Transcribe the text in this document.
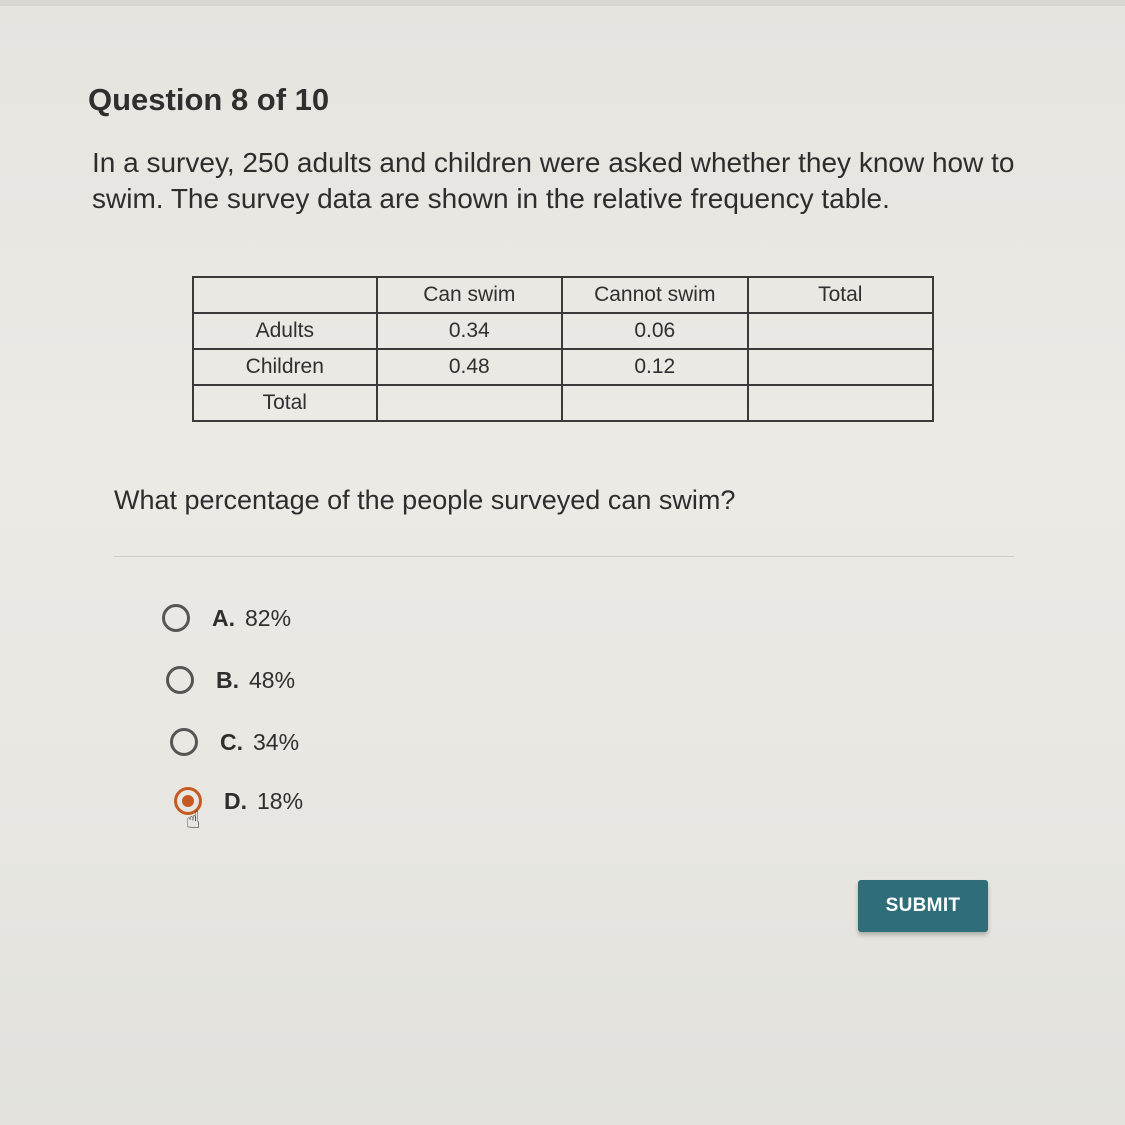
Question 8 of 10
In a survey, 250 adults and children were asked whether they know how to swim. The survey data are shown in the relative frequency table.
	Can swim	Cannot swim	Total
Adults	0.34	0.06	
Children	0.48	0.12	
Total			
What percentage of the people surveyed can swim?
A. 82%
B. 48%
C. 34%
D. 18%
☝
SUBMIT
